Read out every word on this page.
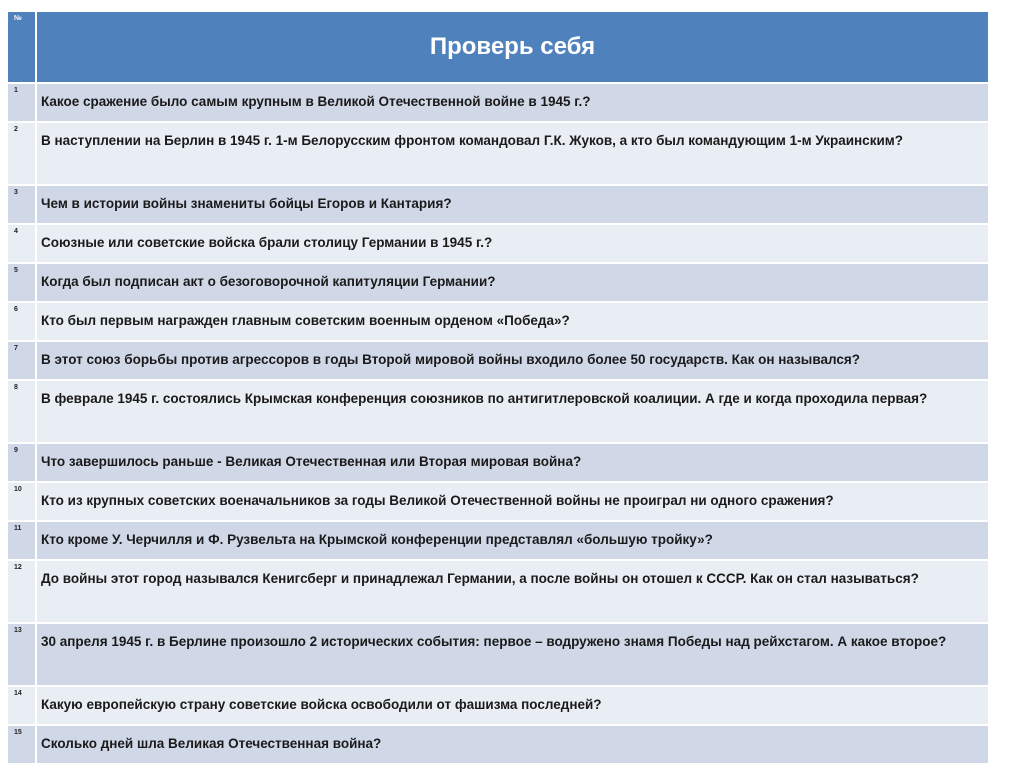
№	Проверь себя
1	Какое сражение было самым крупным в Великой Отечественной войне в 1945 г.?
2	В наступлении на Берлин в 1945 г. 1-м Белорусским фронтом командовал Г.К. Жуков, а кто был командующим 1-м Украинским?
3	Чем в истории войны знамениты бойцы Егоров и Кантария?
4	Союзные или советские войска брали столицу Германии в 1945 г.?
5	Когда был подписан акт о безоговорочной капитуляции Германии?
6	Кто был первым награжден главным советским военным орденом «Победа»?
7	В этот союз борьбы против агрессоров в годы Второй мировой войны входило более 50 государств. Как он назывался?
8	В феврале 1945 г. состоялись Крымская конференция союзников по антигитлеровской коалиции. А где и когда проходила первая?
9	Что завершилось раньше - Великая Отечественная или Вторая мировая война?
10	Кто из крупных советских военачальников за годы Великой Отечественной войны не проиграл ни одного сражения?
11	Кто кроме У. Черчилля и Ф. Рузвельта на Крымской конференции представлял «большую тройку»?
12	До войны этот город назывался Кенигсберг и принадлежал Германии, а после войны он отошел к СССР. Как он стал называться?
13	30 апреля 1945 г. в Берлине произошло 2 исторических события: первое – водружено знамя Победы над рейхстагом. А какое второе?
14	Какую европейскую страну советские войска освободили от фашизма последней?
15	Сколько дней шла Великая Отечественная война?
